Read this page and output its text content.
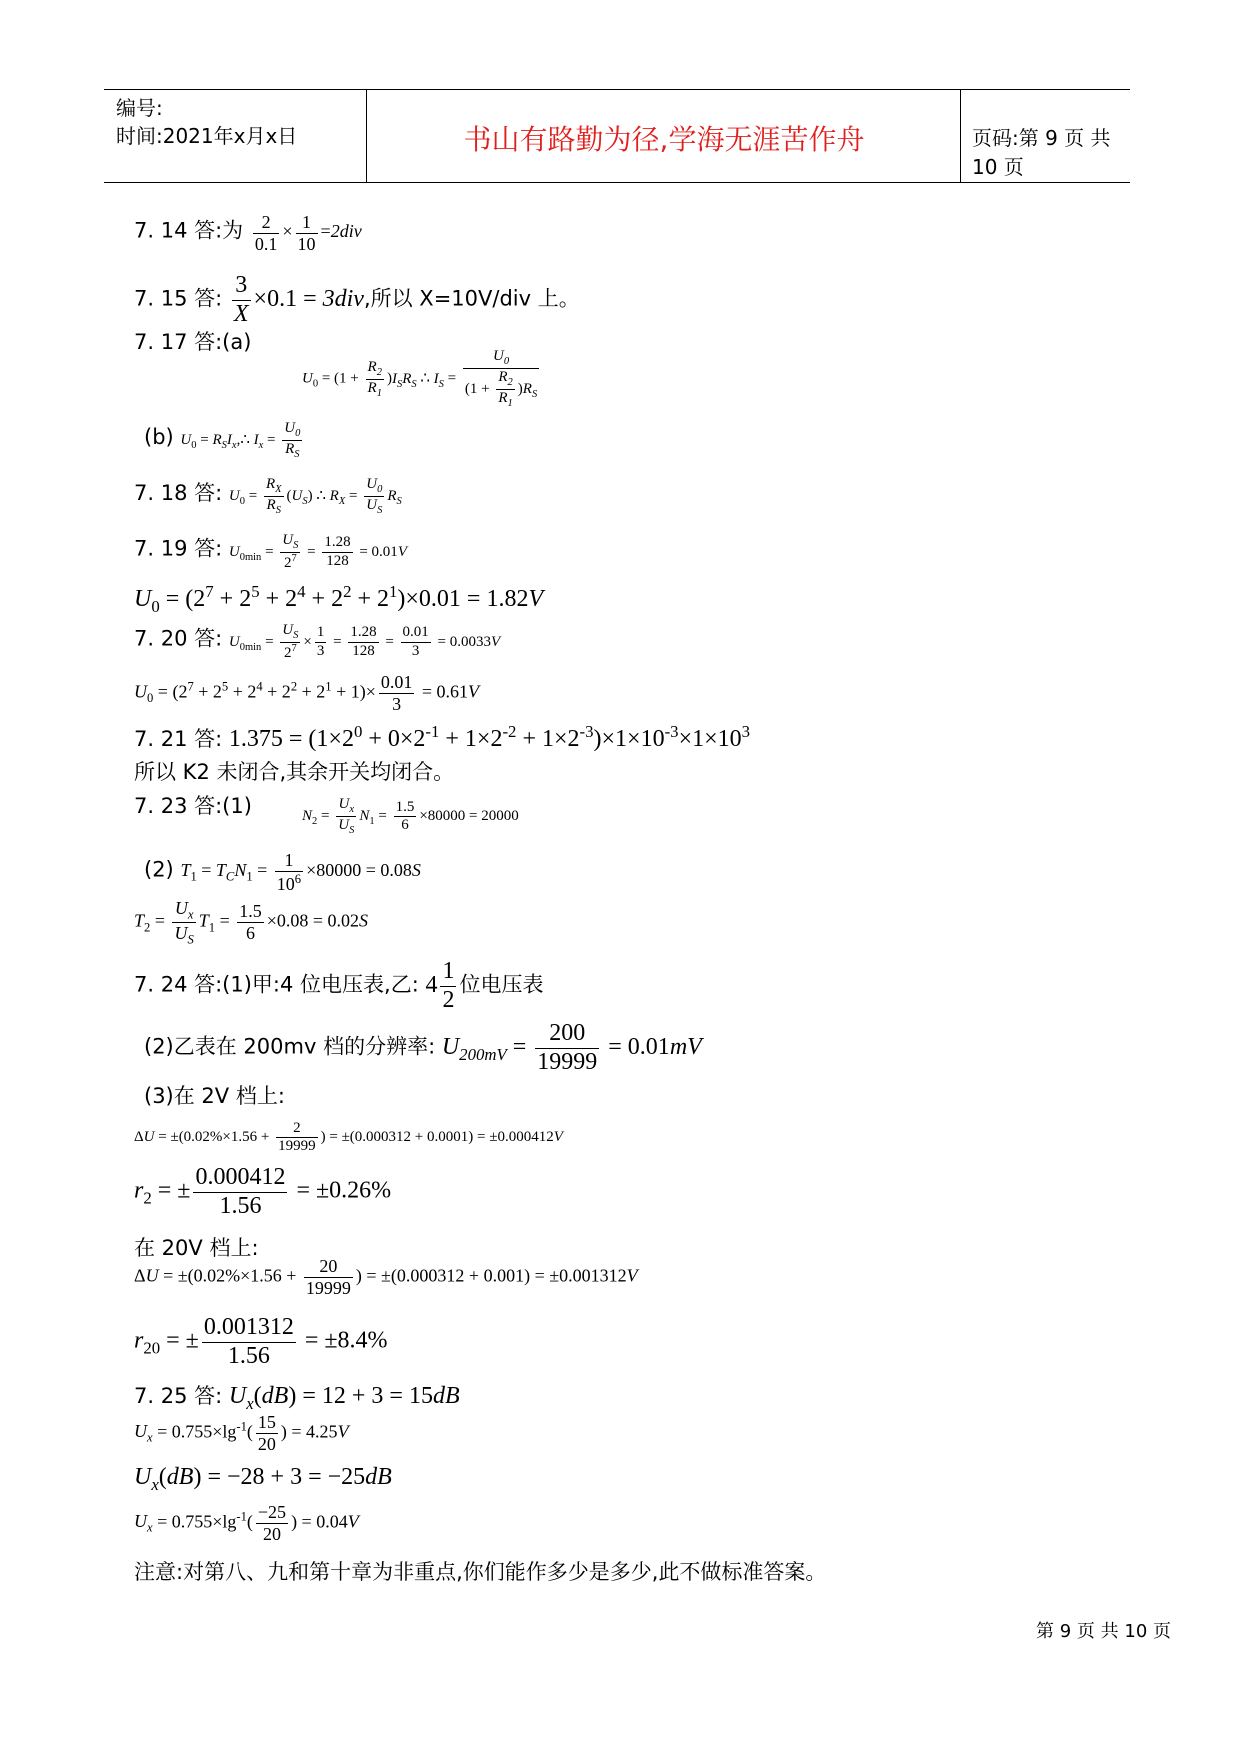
编号:
时间:2021年x月x日	书山有路勤为径,学海无涯苦作舟	页码:第 9 页 共 10 页
7. 14 答:为 $\frac{2}{0.1} \times \frac{1}{10} =2div$
7. 15 答: $\frac{3}{X} \times 0.1 = 3div$,所以 X=10V/div 上。
7. 17 答:(a)
$U_0 = (1 + \frac{R_2}{R_1} )I_SR_S$ ∴ $I_S = \frac{U_0}{(1 + \frac{R_2}{R_1} )R_S}$
(b) $U_0$ = $R_SI_x,\therefore$ $I_x = \frac{U_0}{R_S}$
7. 18 答: $U_0 = \frac{R_X}{R_S} (U_S)$ ∴ $R_X = \frac{U_0}{U_S} R_S$
7. 19 答: $U_{0min} = \frac{U_S}{2^7} = \frac{1.28}{128} = 0.01V$
$U_0 = (2^7 + 2^5 + 2^4 + 2^2 + 2^1)\times 0.01 = 1.82V$
7. 20 答: $U_{0min} = \frac{U_S}{2^7} \times \frac{1}{3} = \frac{1.28}{128} = \frac{0.01}{3} = 0.0033V$
$U_0 = (2^7 + 2^5 + 2^4 + 2^2 + 2^1 + 1)\times \frac{0.01}{3} = 0.61V$
7. 21 答: $1.375 = (1\times 2^0 + 0\times 2^{-1} + 1\times 2^{-2} + 1\times 2^{-3})\times 1\times 10^{-3}\times 1\times 10^3$
所以 K2 未闭合,其余开关均闭合。
7. 23 答:(1)	$N_2 = \frac{U_x}{U_S} N_1 = \frac{1.5}{6} \times 80000 = 20000$
(2) $T_1 = T_CN_1 = \frac{1}{10^6} \times 80000 = 0.08S$
$T_2 = \frac{U_x}{U_S} T_1 = \frac{1.5}{6} \times 0.08 = 0.02S$
7. 24 答:(1)甲:4 位电压表,乙: $4 \frac{1}{2}$ 位电压表
(2)乙表在 200mv 档的分辨率: $U_{200mV} = \frac{200}{19999} = 0.01mV$
(3)在 2V 档上:
$\Delta U = \pm(0.02\%\times 1.56 + \frac{2}{19999}$ ) = ±(0.000312 + 0.0001) = ±0.000412V
$r_2$ = ± $\frac{0.000412}{1.56} = \pm 0.26\%$
在 20V 档上:
$\Delta U = \pm(0.02\%\times 1.56 + \frac{20}{19999}$ ) = ±(0.000312 + 0.001) = ±0.001312V
$r_{20}$ = ± $\frac{0.001312}{1.56} = \pm 8.4\%$
7. 25 答: $U_x(dB) = 12 + 3 = 15dB$
$U_x = 0.755\times\lg^{-1}( \frac{15}{20}$ ) = 4.25V
$U_x(dB) = -28 + 3 = -25dB$
$U_x = 0.755\times\lg^{-1}( \frac{-25}{20}$ ) = 0.04V
注意:对第八、九和第十章为非重点,你们能作多少是多少,此不做标准答案。
第 9 页 共 10 页
